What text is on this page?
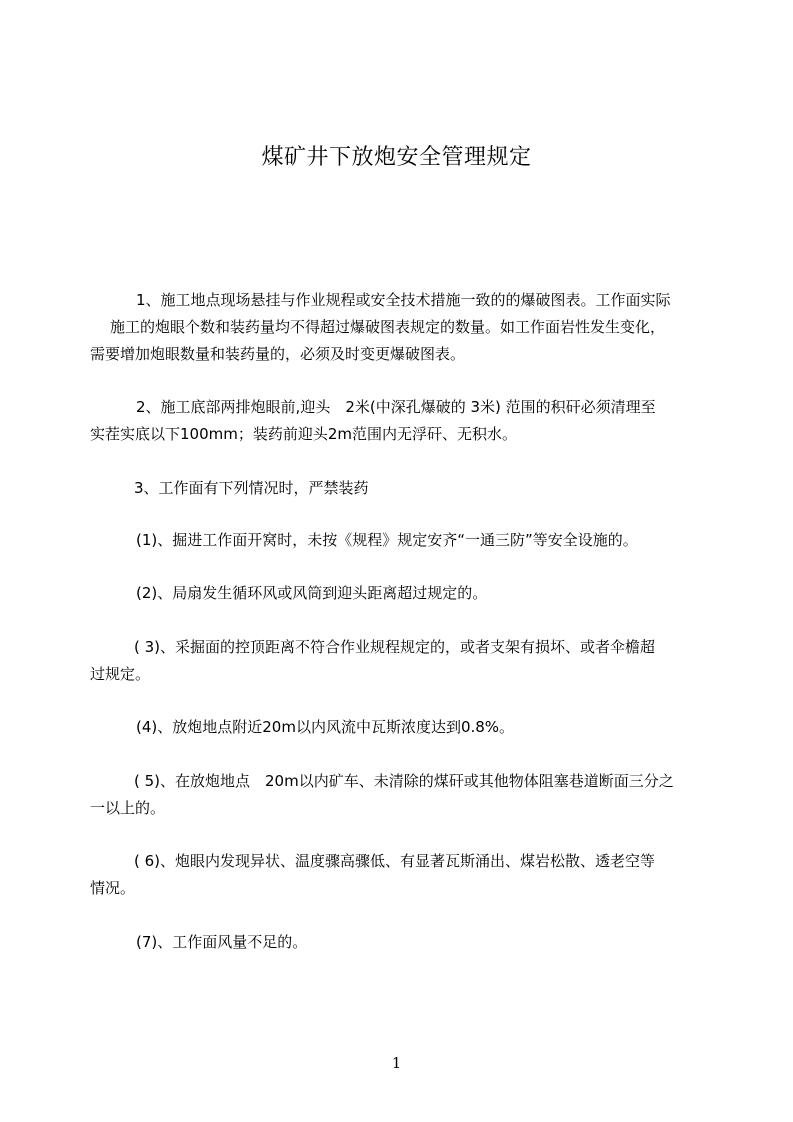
煤矿井下放炮安全管理规定
1、施工地点现场悬挂与作业规程或安全技术措施一致的的爆破图表。工作面实际
施工的炮眼个数和装药量均不得超过爆破图表规定的数量。如工作面岩性发生变化，
需要增加炮眼数量和装药量的，必须及时变更爆破图表。
2、施工底部两排炮眼前,迎头　2米(中深孔爆破的 3米) 范围的积矸必须清理至
实茬实底以下100mm；装药前迎头2m范围内无浮矸、无积水。
3、工作面有下列情况时，严禁装药
(1)、掘进工作面开窝时，未按《规程》规定安齐“一通三防”等安全设施的。
(2)、局扇发生循环风或风筒到迎头距离超过规定的。
( 3)、采掘面的控顶距离不符合作业规程规定的，或者支架有损坏、或者伞檐超
过规定。
(4)、放炮地点附近20m以内风流中瓦斯浓度达到0.8%。
( 5)、在放炮地点　20m以内矿车、未清除的煤矸或其他物体阻塞巷道断面三分之
一以上的。
( 6)、炮眼内发现异状、温度骤高骤低、有显著瓦斯涌出、煤岩松散、透老空等
情况。
(7)、工作面风量不足的。
1
